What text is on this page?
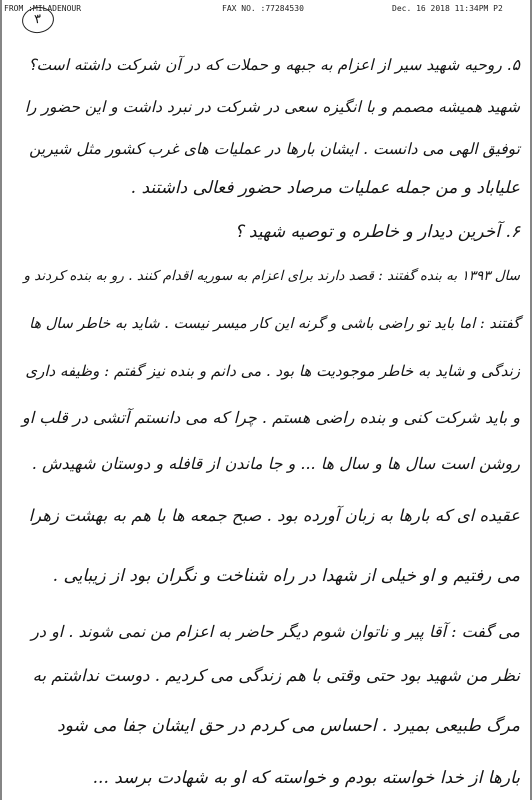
FROM :MILADENOUR	FAX NO. :77284530	Dec. 16 2018 11:34PM P2
۳
۵. روحیه شهید سیر از اعزام به جبهه و حملات که در آن شرکت داشته است؟
شهید همیشه مصمم و با انگیزه سعی در شرکت در نبرد داشت و این حضور را
توفیق الهی می دانست . ایشان بارها در عملیات های غرب کشور مثل شیرین
علیاباد و من جمله عملیات مرصاد حضور فعالی داشتند .
۶. آخرین دیدار و خاطره و توصیه شهید ؟
سال ۱۳۹۳ به بنده گفتند : قصد دارند برای اعزام به سوریه اقدام کنند . رو به بنده کردند و
گفتند : اما باید تو راضی باشی و گرنه این کار میسر نیست . شاید به خاطر سال ها
زندگی و شاید به خاطر موجودیت ها بود . می دانم و بنده نیز گفتم : وظیفه داری
و باید شرکت کنی و بنده راضی هستم . چرا که می دانستم آتشی در قلب او
روشن است سال ها و سال ها ... و جا ماندن از قافله و دوستان شهیدش .
عقیده ای که بارها به زبان آورده بود . صبح جمعه ها با هم به بهشت زهرا
می رفتیم و او خیلی از شهدا در راه شناخت و نگران بود از زیبایی .
می گفت : آقا پیر و ناتوان شوم دیگر حاضر به اعزام من نمی شوند . او در
نظر من شهید بود حتی وقتی با هم زندگی می کردیم . دوست نداشتم به
مرگ طبیعی بمیرد . احساس می کردم در حق ایشان جفا می شود
بارها از خدا خواسته بودم و خواسته که او به شهادت برسد ...
